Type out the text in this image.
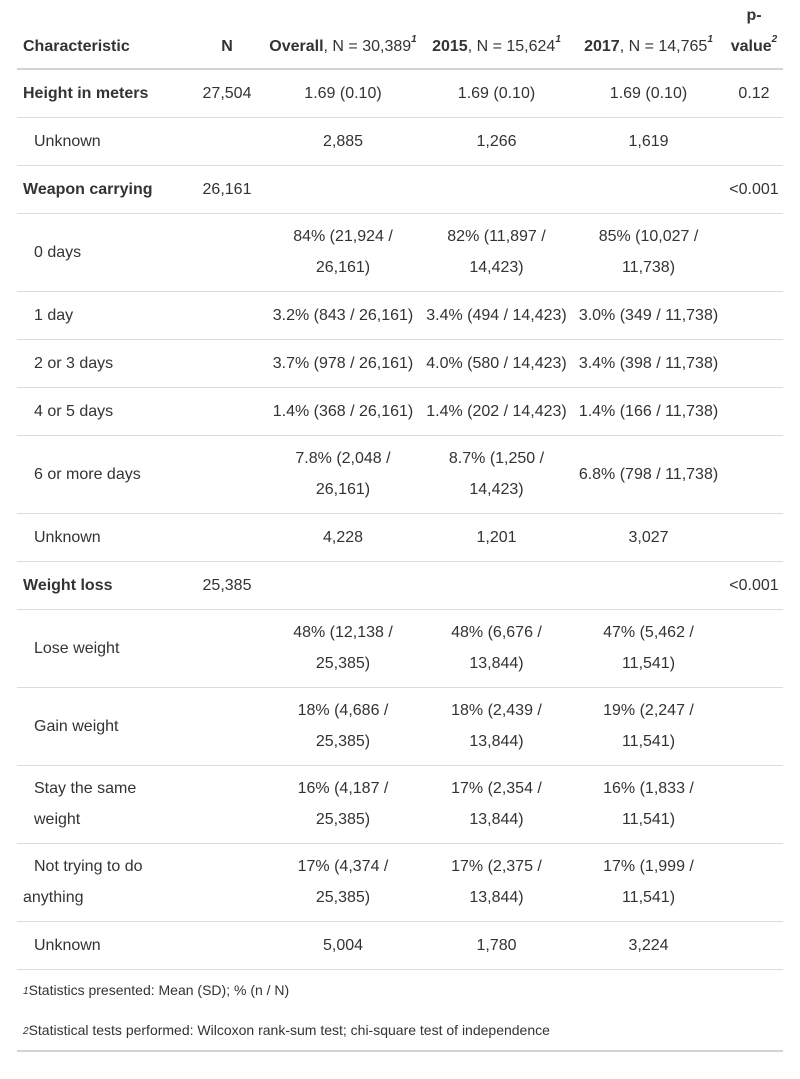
Characteristic	N	Overall, $N = 30,389^1$	2015, $N = 15,624^1$	2017, $N = 14,765^1$	p-value$^2$
Height in meters	27,504	1.69 (0.10)	1.69 (0.10)	1.69 (0.10)	0.12
Unknown		2,885	1,266	1,619	
Weapon carrying	26,161				<0.001
0 days		84% (21,924 / 26,161)	82% (11,897 / 14,423)	85% (10,027 / 11,738)	
1 day		3.2% (843 / 26,161)	3.4% (494 / 14,423)	3.0% (349 / 11,738)	
2 or 3 days		3.7% (978 / 26,161)	4.0% (580 / 14,423)	3.4% (398 / 11,738)	
4 or 5 days		1.4% (368 / 26,161)	1.4% (202 / 14,423)	1.4% (166 / 11,738)	
6 or more days		7.8% (2,048 / 26,161)	8.7% (1,250 / 14,423)	6.8% (798 / 11,738)	
Unknown		4,228	1,201	3,027	
Weight loss	25,385				<0.001
Lose weight		48% (12,138 / 25,385)	48% (6,676 / 13,844)	47% (5,462 / 11,541)	
Gain weight		18% (4,686 / 25,385)	18% (2,439 / 13,844)	19% (2,247 / 11,541)	
Stay the same weight		16% (4,187 / 25,385)	17% (2,354 / 13,844)	16% (1,833 / 11,541)	
Not trying to do anything		17% (4,374 / 25,385)	17% (2,375 / 13,844)	17% (1,999 / 11,541)	
Unknown		5,004	1,780	3,224	
$^1$Statistics presented: Mean (SD); % (n / N)					
$^2$Statistical tests performed: Wilcoxon rank-sum test; chi-square test of independence					
